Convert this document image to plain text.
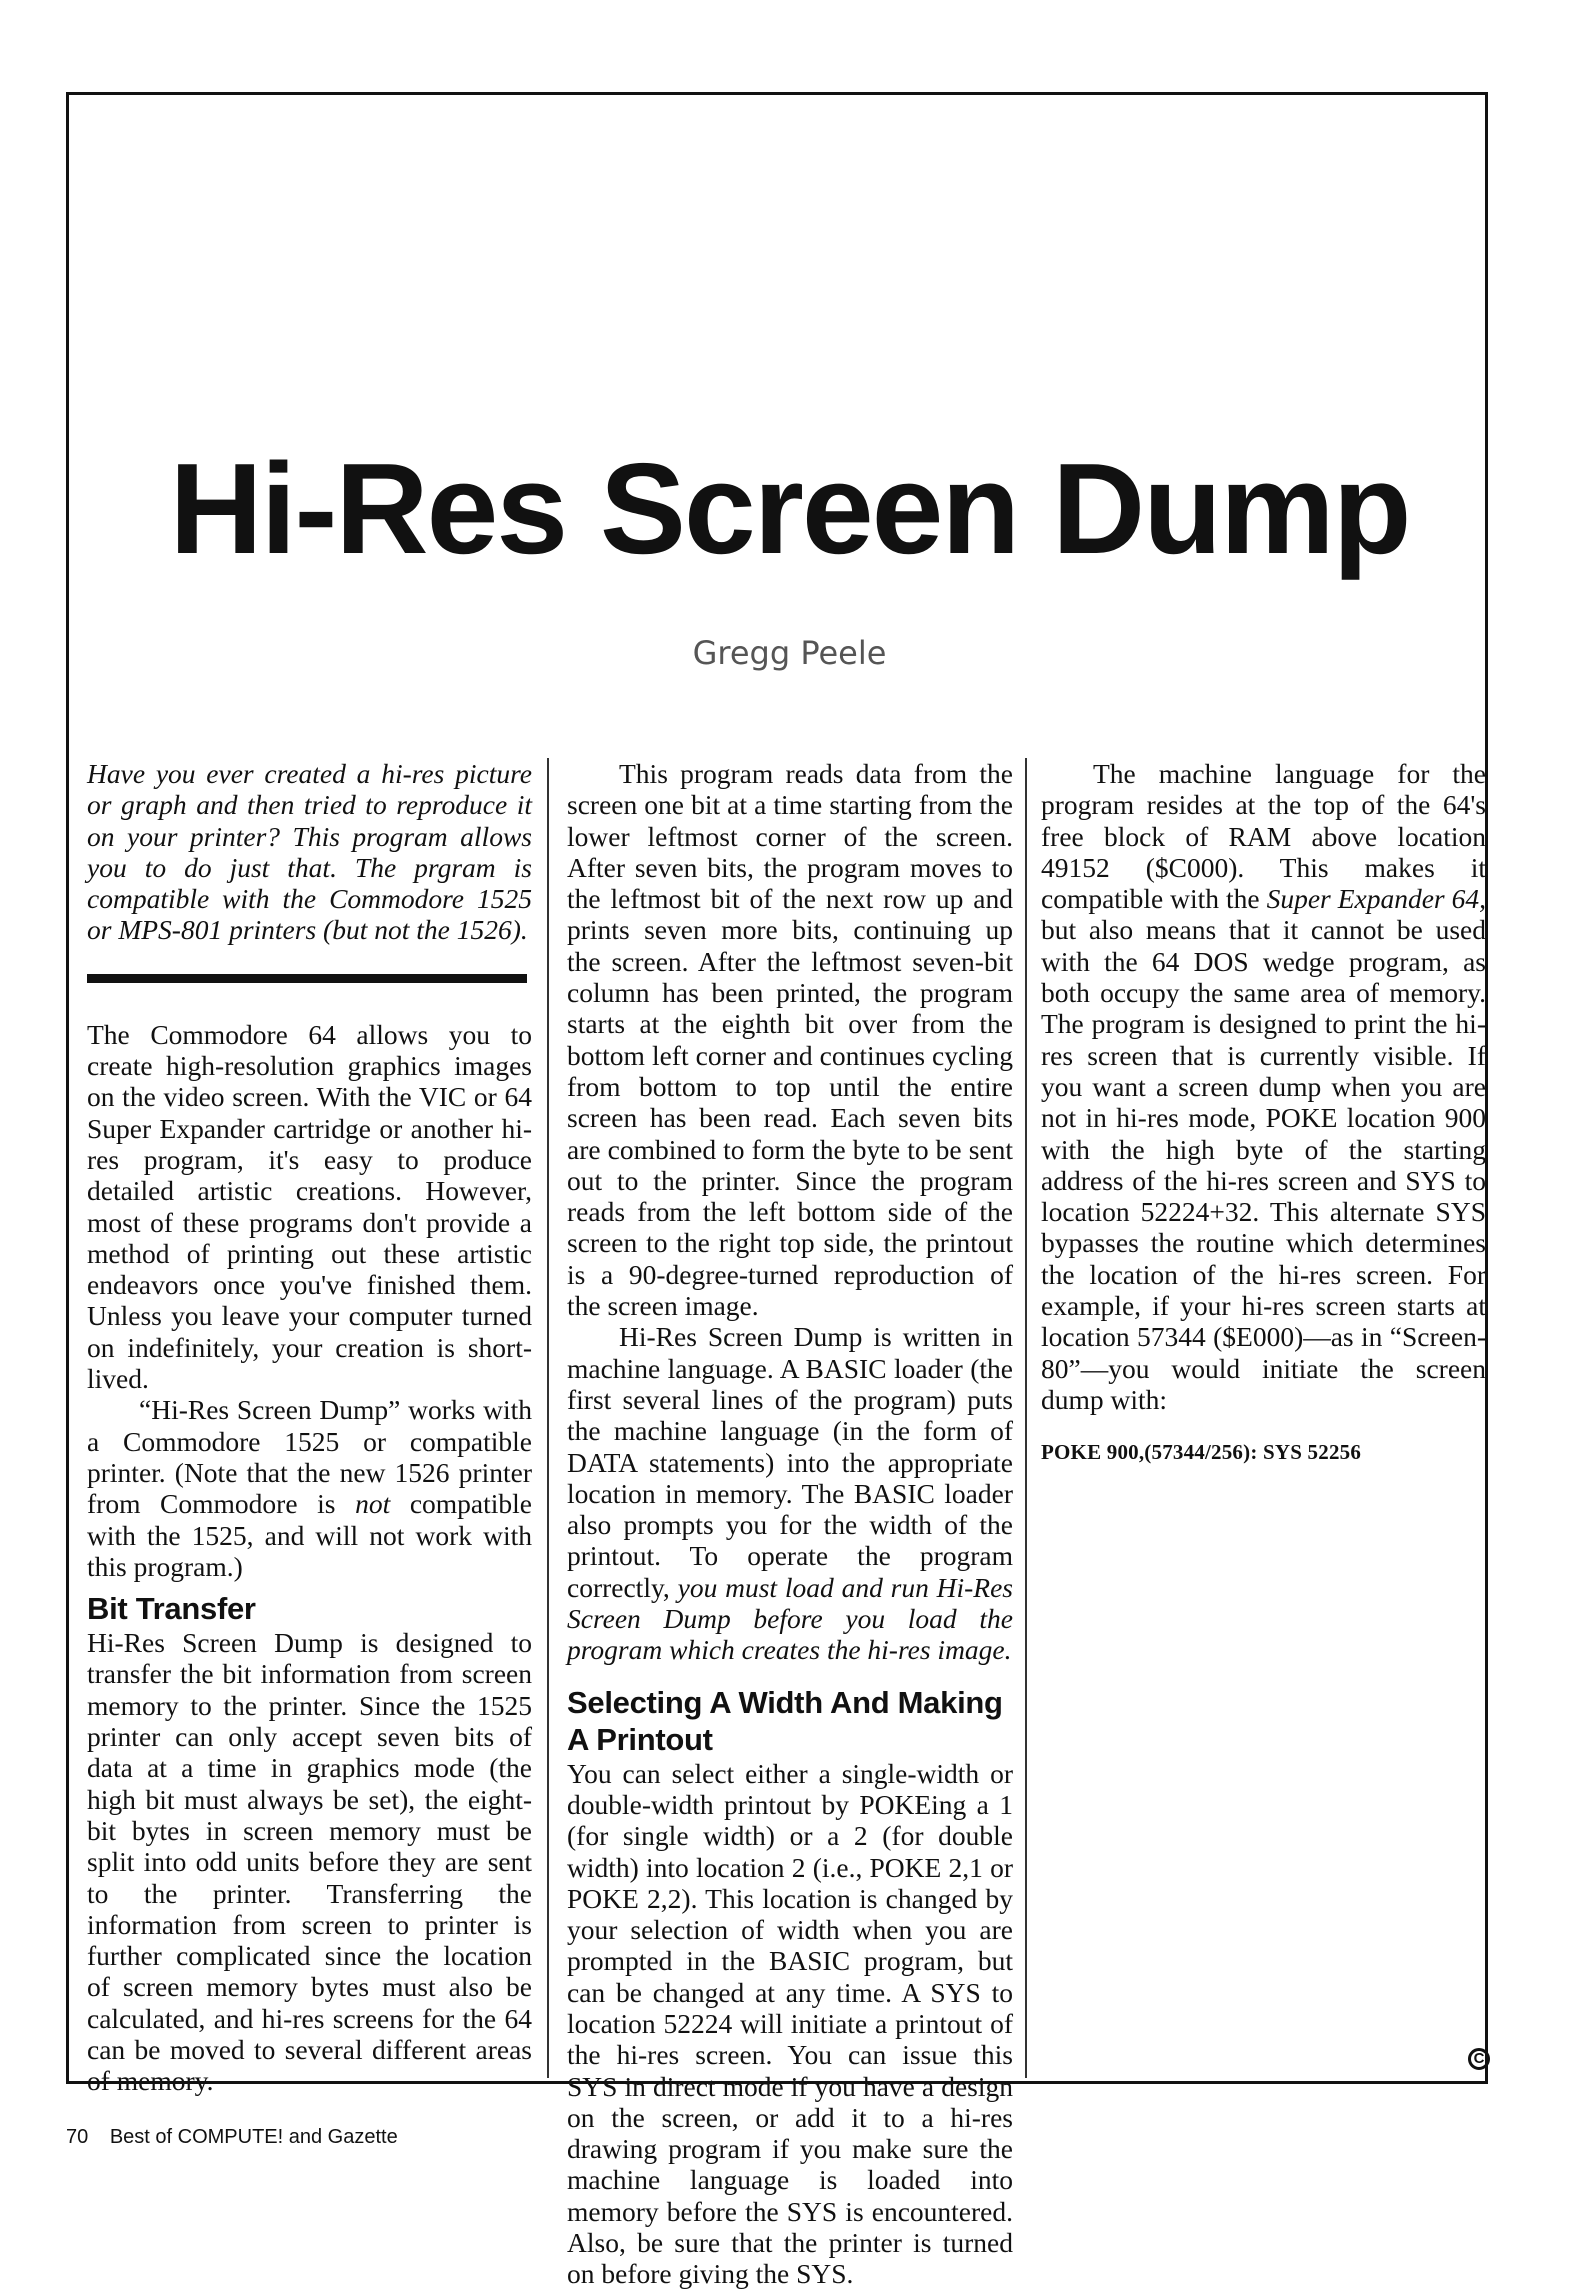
Hi-Res Screen Dump
Gregg Peele
Have you ever created a hi-res picture or graph and then tried to reproduce it on your printer? This program allows you to do just that. The prgram is compatible with the Commodore 1525 or MPS-801 printers (but not the 1526).

The Commodore 64 allows you to create high-resolution graphics images on the video screen. With the VIC or 64 Super Expander cartridge or another hi-res program, it's easy to produce detailed artistic creations. However, most of these programs don't provide a method of printing out these artistic endeavors once you've finished them. Unless you leave your computer turned on indefinitely, your creation is short-lived.

“Hi-Res Screen Dump” works with a Commodore 1525 or compatible printer. (Note that the new 1526 printer from Commodore is not compatible with the 1525, and will not work with this program.)

Bit Transfer

Hi-Res Screen Dump is designed to transfer the bit information from screen memory to the printer. Since the 1525 printer can only accept seven bits of data at a time in graphics mode (the high bit must always be set), the eight-bit bytes in screen memory must be split into odd units before they are sent to the printer. Transferring the information from screen to printer is further complicated since the location of screen memory bytes must also be calculated, and hi-res screens for the 64 can be moved to several different areas of memory.

This program reads data from the screen one bit at a time starting from the lower leftmost corner of the screen. After seven bits, the program moves to the leftmost bit of the next row up and prints seven more bits, continuing up the screen. After the leftmost seven-bit column has been printed, the program starts at the eighth bit over from the bottom left corner and continues cycling from bottom to top until the entire screen has been read. Each seven bits are combined to form the byte to be sent out to the printer. Since the program reads from the left bottom side of the screen to the right top side, the printout is a 90-degree-turned reproduction of the screen image.

Hi-Res Screen Dump is written in machine language. A BASIC loader (the first several lines of the program) puts the machine language (in the form of DATA statements) into the appropriate location in memory. The BASIC loader also prompts you for the width of the printout. To operate the program correctly, you must load and run Hi-Res Screen Dump before you load the program which creates the hi-res image.

Selecting A Width And Making A Printout

You can select either a single-width or double-width printout by POKEing a 1 (for single width) or a 2 (for double width) into location 2 (i.e., POKE 2,1 or POKE 2,2). This location is changed by your selection of width when you are prompted in the BASIC program, but can be changed at any time. A SYS to location 52224 will initiate a printout of the hi-res screen. You can issue this SYS in direct mode if you have a design on the screen, or add it to a hi-res drawing program if you make sure the machine language is loaded into memory before the SYS is encountered. Also, be sure that the printer is turned on before giving the SYS.

The machine language for the program resides at the top of the 64's free block of RAM above location 49152 ($C000). This makes it compatible with the Super Expander 64, but also means that it cannot be used with the 64 DOS wedge program, as both occupy the same area of memory. The program is designed to print the hi-res screen that is currently visible. If you want a screen dump when you are not in hi-res mode, POKE location 900 with the high byte of the starting address of the hi-res screen and SYS to location 52224+32. This alternate SYS bypasses the routine which determines the location of the hi-res screen. For example, if your hi-res screen starts at location 57344 ($E000)—as in “Screen-80”—you would initiate the screen dump with:

POKE 900,(57344/256): SYS 52256
C
70 Best of COMPUTE! and Gazette
